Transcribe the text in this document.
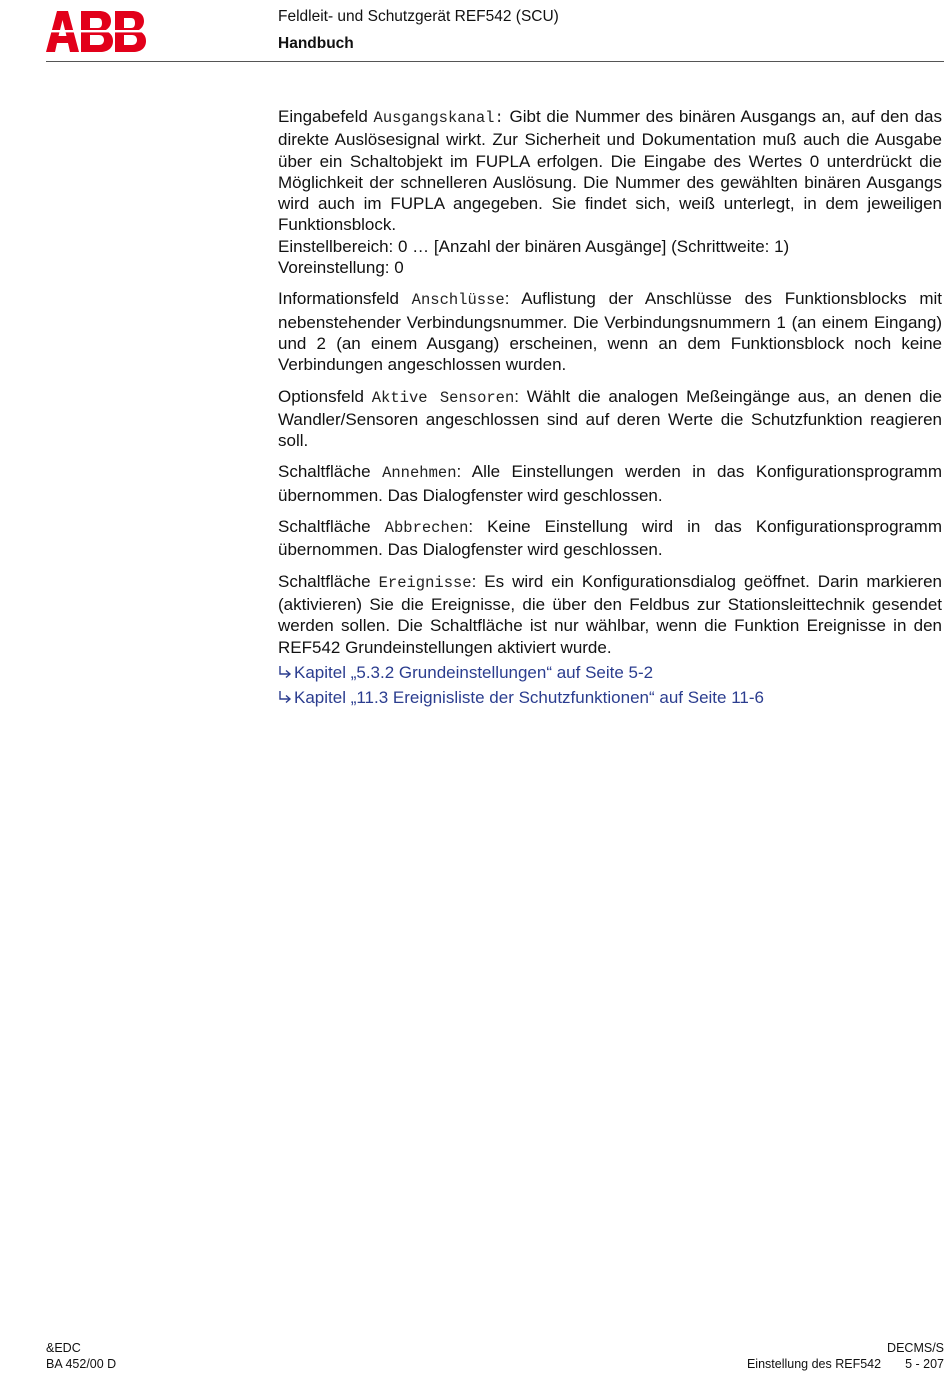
Feldleit- und Schutzgerät REF542 (SCU)
Handbuch

Eingabefeld Ausgangskanal: Gibt die Nummer des binären Ausgangs an, auf den das direkte Auslösesignal wirkt. Zur Sicherheit und Dokumentation muß auch die Ausgabe über ein Schaltobjekt im FUPLA erfolgen. Die Eingabe des Wertes 0 unterdrückt die Möglichkeit der schnelleren Auslösung. Die Nummer des gewählten binären Ausgangs wird auch im FUPLA angegeben. Sie findet sich, weiß unterlegt, in dem jeweiligen Funktionsblock.
Einstellbereich: 0 … [Anzahl der binären Ausgänge] (Schrittweite: 1)
Voreinstellung: 0

Informationsfeld Anschlüsse: Auflistung der Anschlüsse des Funktionsblocks mit nebenstehender Verbindungsnummer. Die Verbindungsnummern 1 (an einem Eingang) und 2 (an einem Ausgang) erscheinen, wenn an dem Funktionsblock noch keine Verbindungen angeschlossen wurden.

Optionsfeld Aktive Sensoren: Wählt die analogen Meßeingänge aus, an denen die Wandler/Sensoren angeschlossen sind auf deren Werte die Schutzfunktion reagieren soll.

Schaltfläche Annehmen: Alle Einstellungen werden in das Konfigurationsprogramm übernommen. Das Dialogfenster wird geschlossen.

Schaltfläche Abbrechen: Keine Einstellung wird in das Konfigurationsprogramm übernommen. Das Dialogfenster wird geschlossen.

Schaltfläche Ereignisse: Es wird ein Konfigurationsdialog geöffnet. Darin markieren (aktivieren) Sie die Ereignisse, die über den Feldbus zur Stationsleittechnik gesendet werden sollen. Die Schaltfläche ist nur wählbar, wenn die Funktion Ereignisse in den REF542 Grundeinstellungen aktiviert wurde.

Kapitel „5.3.2 Grundeinstellungen“ auf Seite 5-2
Kapitel „11.3 Ereignisliste der Schutzfunktionen“ auf Seite 11-6
&EDC
BA 452/00 D
DECMS/S
Einstellung des REF542 5 - 207
